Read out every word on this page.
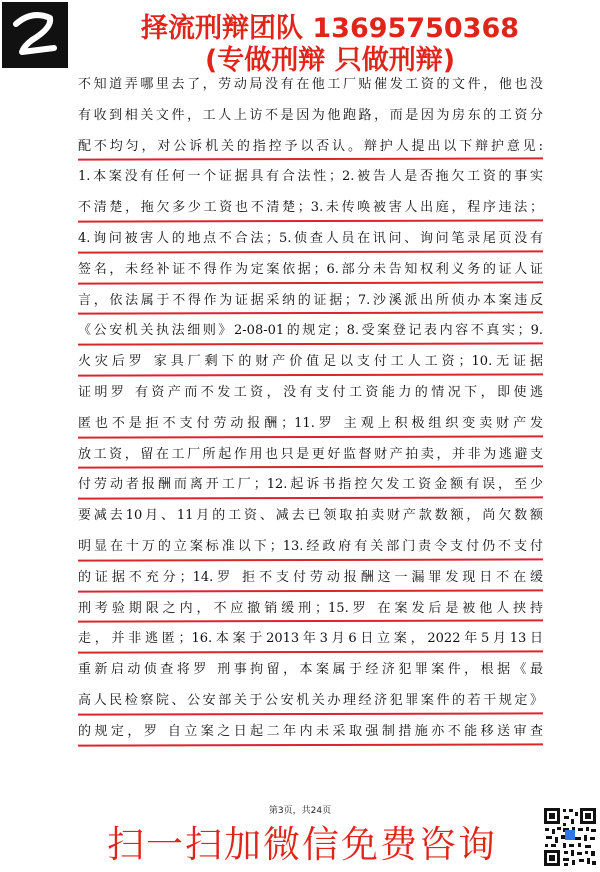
择流刑辩团队 13695750368
(专做刑辩 只做刑辩)
不知道弄哪里去了，劳动局没有在他工厂贴催发工资的文件，他也没
有收到相关文件，工人上访不是因为他跑路，而是因为房东的工资分
配不均匀，对公诉机关的指控予以否认。辩护人提出以下辩护意见:
1.本案没有任何一个证据具有合法性；2.被告人是否拖欠工资的事实
不清楚，拖欠多少工资也不清楚；3.未传唤被害人出庭，程序违法；
4.询问被害人的地点不合法；5.侦查人员在讯问、询问笔录尾页没有
签名，未经补证不得作为定案依据；6.部分未告知权利义务的证人证
言，依法属于不得作为证据采纳的证据；7.沙溪派出所侦办本案违反
《公安机关执法细则》2-08-01的规定；8.受案登记表内容不真实；9.
火灾后罗 家具厂剩下的财产价值足以支付工人工资；10.无证据
证明罗 有资产而不发工资，没有支付工资能力的情况下，即使逃
匿也不是拒不支付劳动报酬；11.罗 主观上积极组织变卖财产发
放工资，留在工厂所起作用也只是更好监督财产拍卖，并非为逃避支
付劳动者报酬而离开工厂；12.起诉书指控欠发工资金额有误，至少
要减去10月、11月的工资、减去已领取拍卖财产款数额，尚欠数额
明显在十万的立案标准以下；13.经政府有关部门责令支付仍不支付
的证据不充分；14.罗 拒不支付劳动报酬这一漏罪发现日不在缓
刑考验期限之内，不应撤销缓刑；15.罗 在案发后是被他人挟持
走，并非逃匿；16.本案于2013年3月6日立案，2022年5月13日
重新启动侦查将罗 刑事拘留，本案属于经济犯罪案件，根据《最
高人民检察院、公安部关于公安机关办理经济犯罪案件的若干规定》
的规定，罗 自立案之日起二年内未采取强制措施亦不能移送审查
第3页，共24页
扫一扫加微信免费咨询
